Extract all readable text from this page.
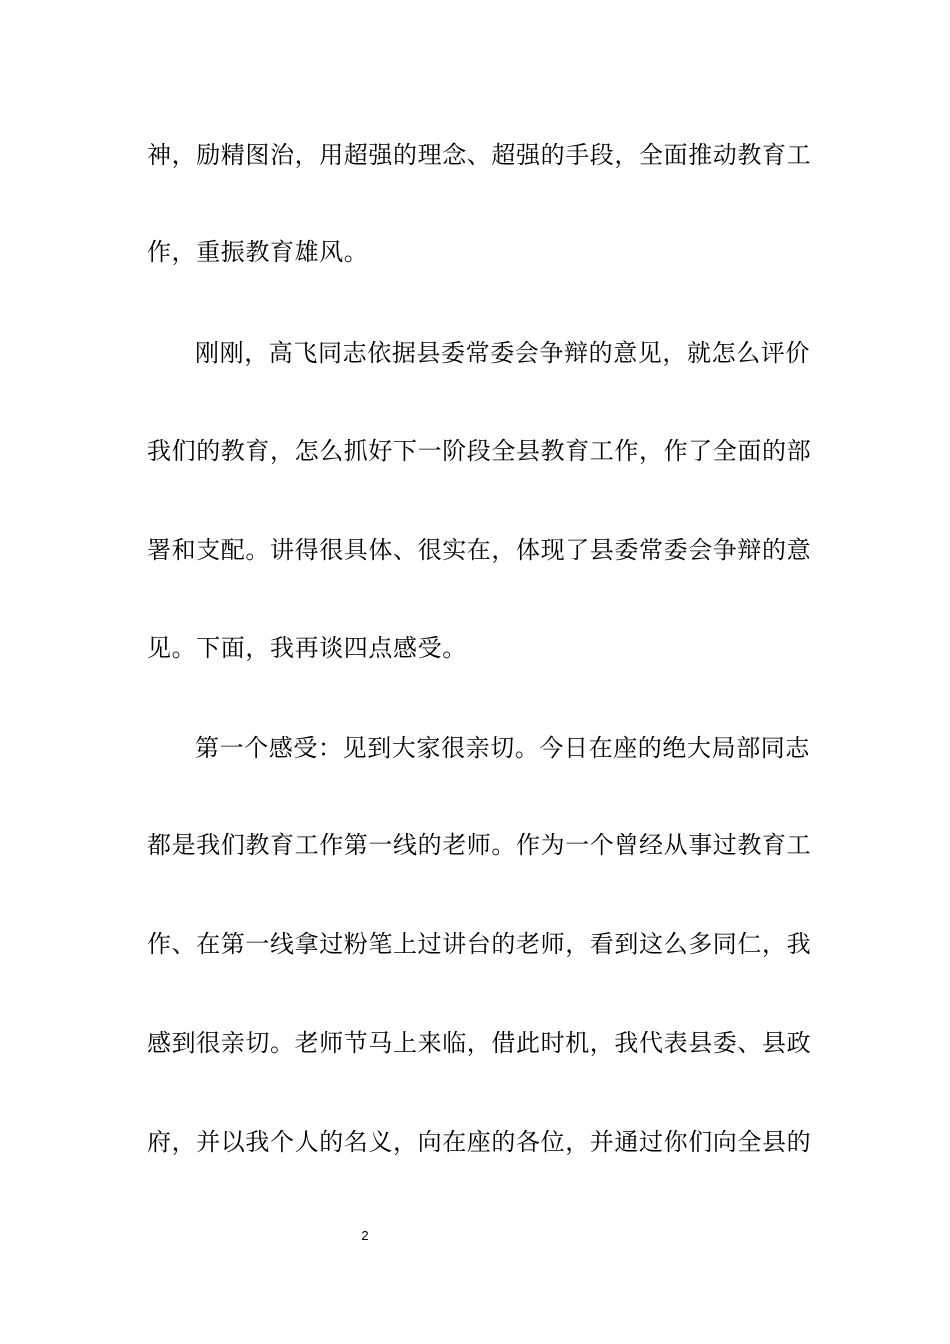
神，励精图治，用超强的理念、超强的手段，全面推动教育工
作，重振教育雄风。
刚刚，高飞同志依据县委常委会争辩的意见，就怎么评价
我们的教育，怎么抓好下一阶段全县教育工作，作了全面的部
署和支配。讲得很具体、很实在，体现了县委常委会争辩的意
见。下面，我再谈四点感受。
第一个感受：见到大家很亲切。今日在座的绝大局部同志
都是我们教育工作第一线的老师。作为一个曾经从事过教育工
作、在第一线拿过粉笔上过讲台的老师，看到这么多同仁，我
感到很亲切。老师节马上来临，借此时机，我代表县委、县政
府，并以我个人的名义，向在座的各位，并通过你们向全县的
2
